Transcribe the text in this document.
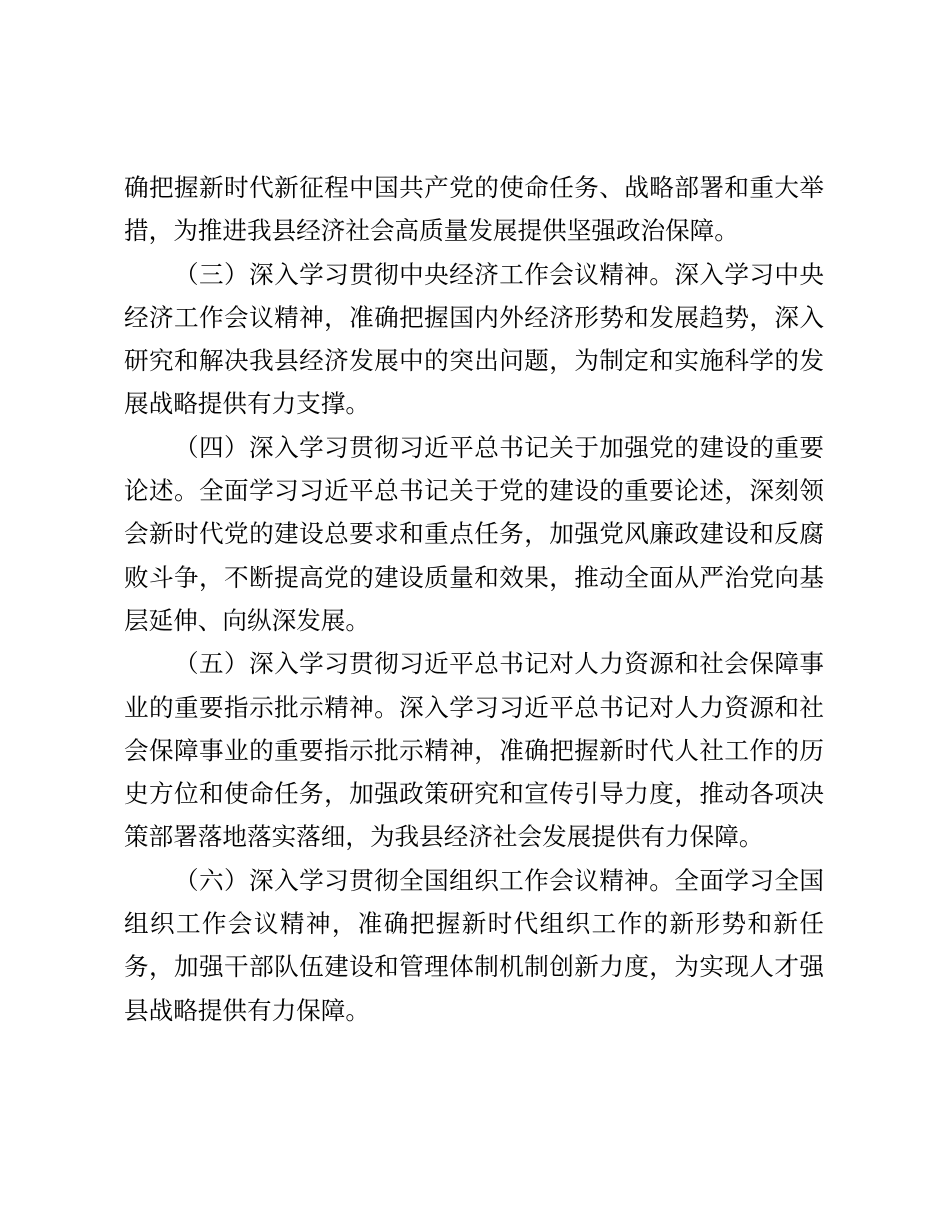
确把握新时代新征程中国共产党的使命任务、战略部署和重大举措，为推进我县经济社会高质量发展提供坚强政治保障。

（三）深入学习贯彻中央经济工作会议精神。深入学习中央经济工作会议精神，准确把握国内外经济形势和发展趋势，深入研究和解决我县经济发展中的突出问题，为制定和实施科学的发展战略提供有力支撑。

（四）深入学习贯彻习近平总书记关于加强党的建设的重要论述。全面学习习近平总书记关于党的建设的重要论述，深刻领会新时代党的建设总要求和重点任务，加强党风廉政建设和反腐败斗争，不断提高党的建设质量和效果，推动全面从严治党向基层延伸、向纵深发展。

（五）深入学习贯彻习近平总书记对人力资源和社会保障事业的重要指示批示精神。深入学习习近平总书记对人力资源和社会保障事业的重要指示批示精神，准确把握新时代人社工作的历史方位和使命任务，加强政策研究和宣传引导力度，推动各项决策部署落地落实落细，为我县经济社会发展提供有力保障。

（六）深入学习贯彻全国组织工作会议精神。全面学习全国组织工作会议精神，准确把握新时代组织工作的新形势和新任务，加强干部队伍建设和管理体制机制创新力度，为实现人才强县战略提供有力保障。
